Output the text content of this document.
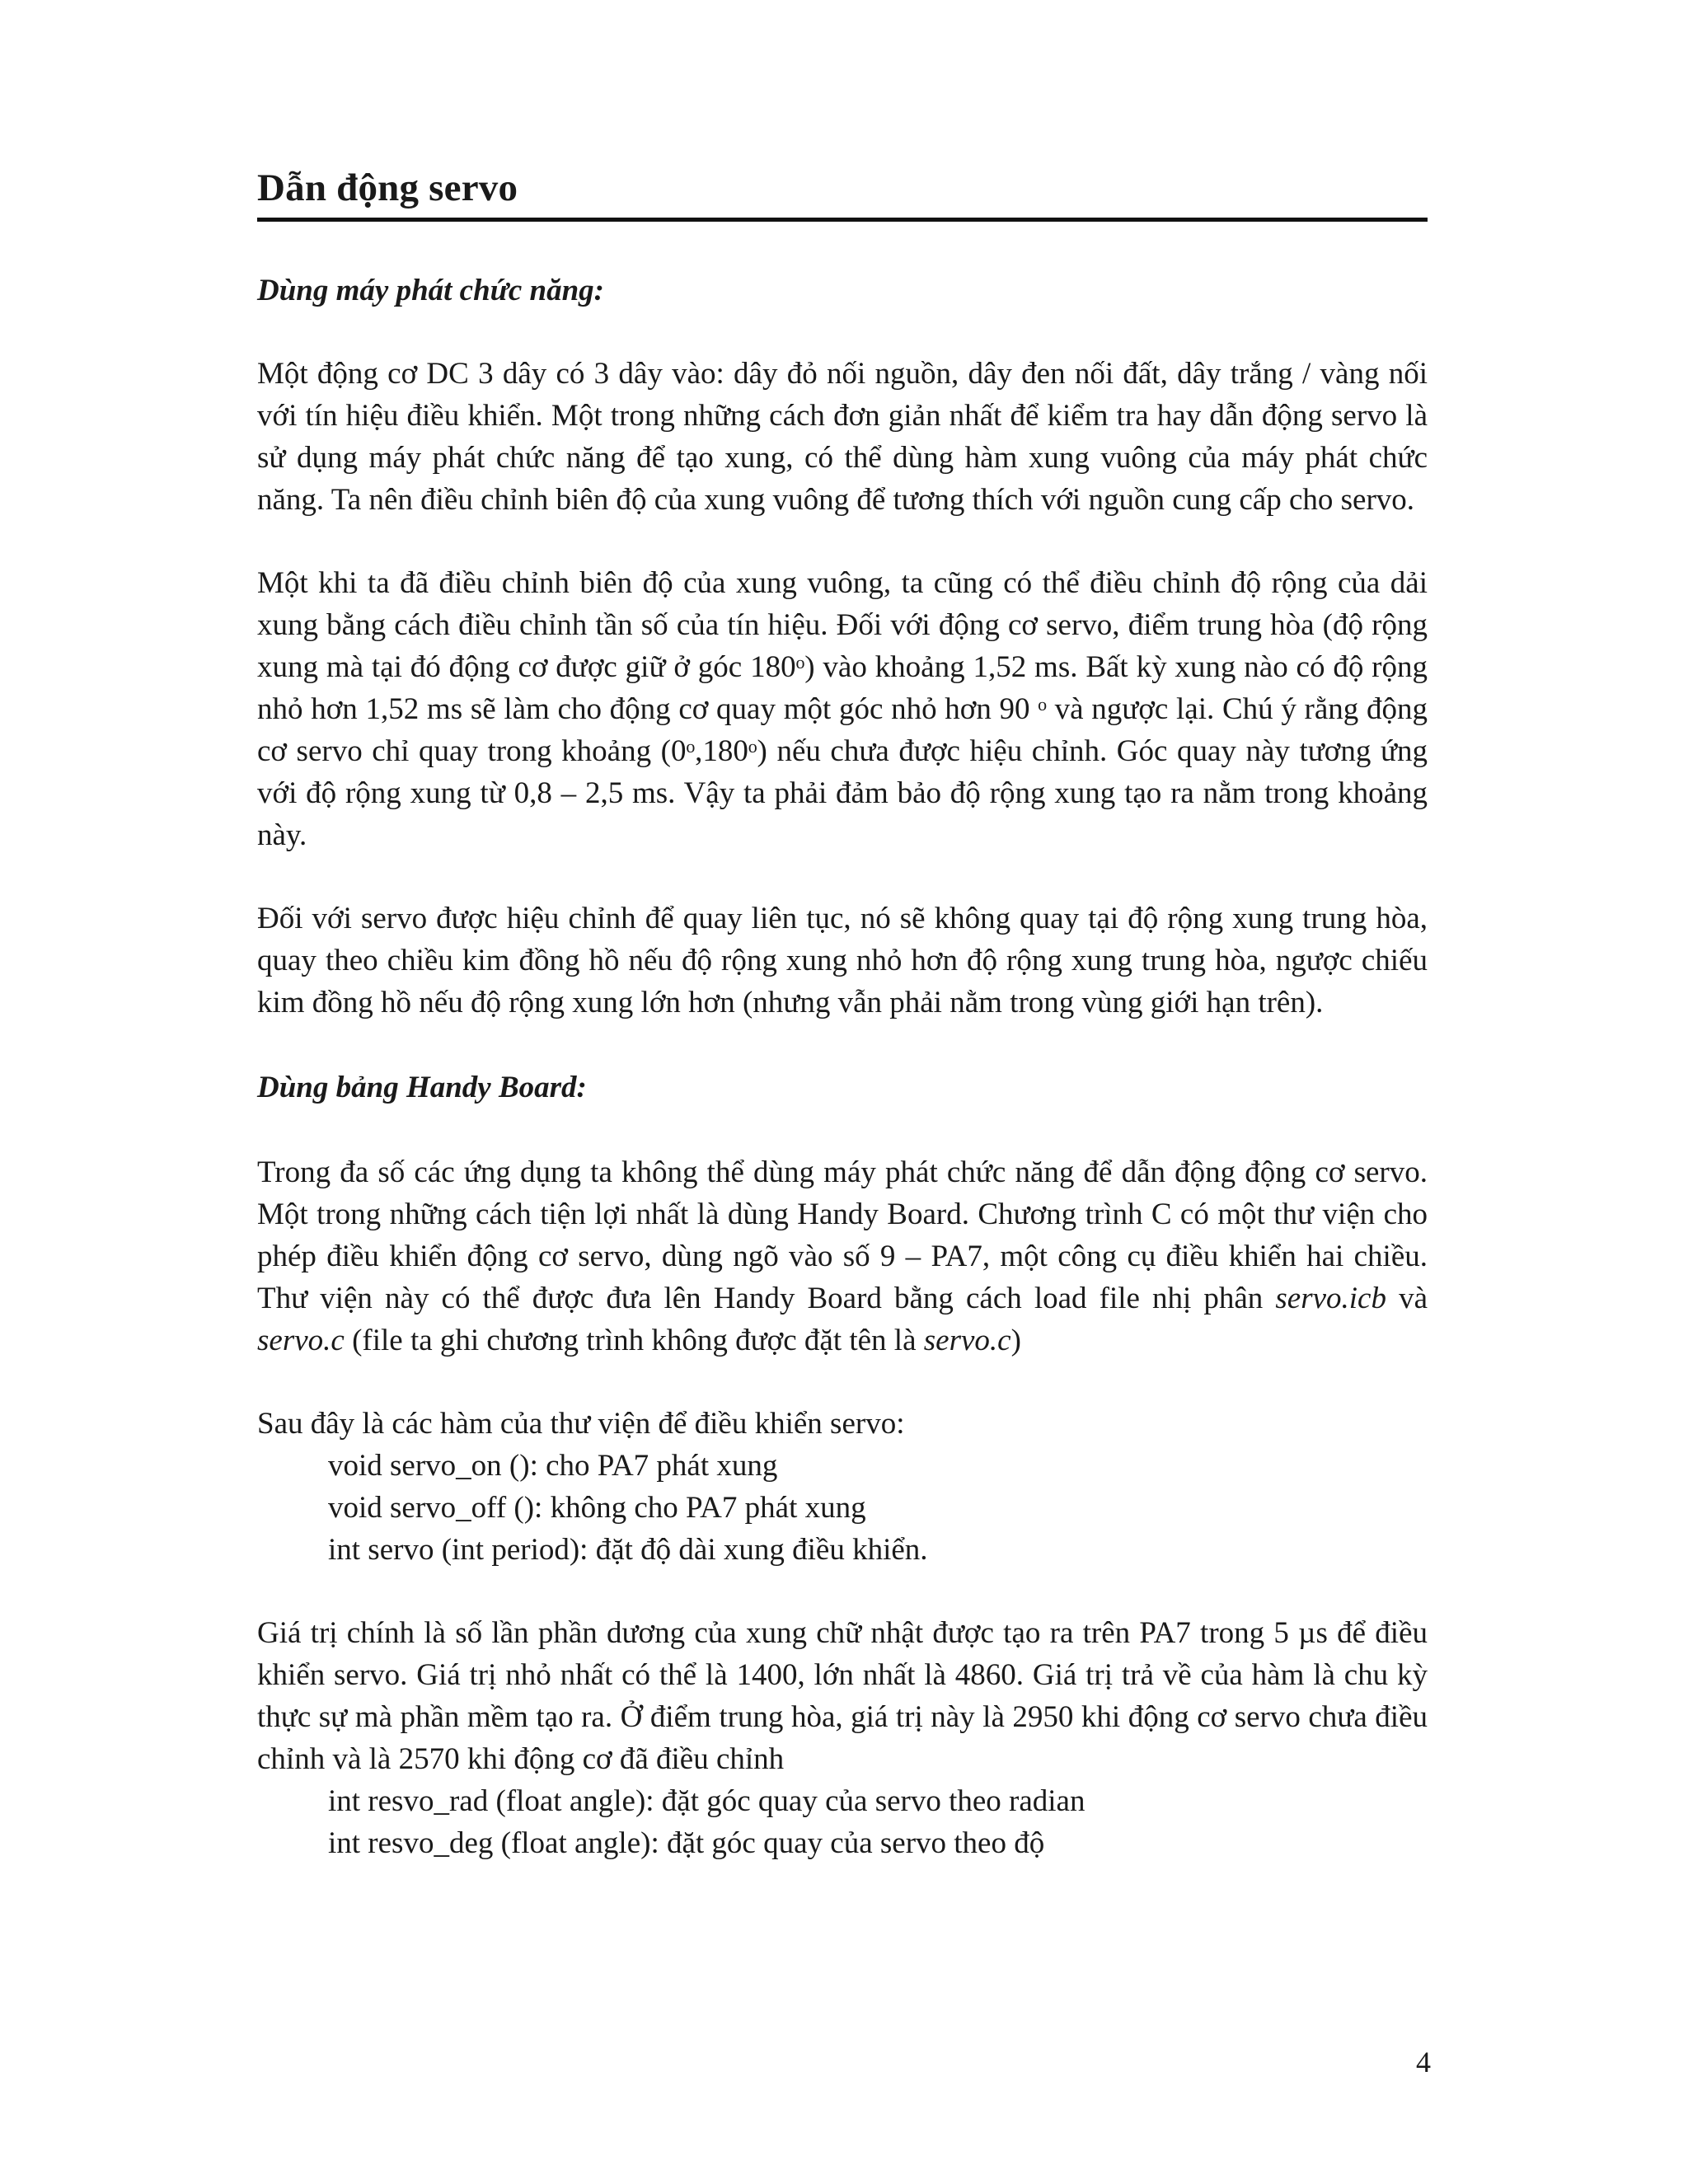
Dẫn động servo
Dùng máy phát chức năng:

Một động cơ DC 3 dây có 3 dây vào: dây đỏ nối nguồn, dây đen nối đất, dây trắng / vàng nối với tín hiệu điều khiển. Một trong những cách đơn giản nhất để kiểm tra hay dẫn động servo là sử dụng máy phát chức năng để tạo xung, có thể dùng hàm xung vuông của máy phát chức năng. Ta nên điều chỉnh biên độ của xung vuông để tương thích với nguồn cung cấp cho servo.

Một khi ta đã điều chỉnh biên độ của xung vuông, ta cũng có thể điều chỉnh độ rộng của dải xung bằng cách điều chỉnh tần số của tín hiệu. Đối với động cơ servo, điểm trung hòa (độ rộng xung mà tại đó động cơ được giữ ở góc 180ᵒ) vào khoảng 1,52 ms. Bất kỳ xung nào có độ rộng nhỏ hơn 1,52 ms sẽ làm cho động cơ quay một góc nhỏ hơn 90 ᵒ và ngược lại. Chú ý rằng động cơ servo chỉ quay trong khoảng (0ᵒ,180ᵒ) nếu chưa được hiệu chỉnh. Góc quay này tương ứng với độ rộng xung từ 0,8 – 2,5 ms. Vậy ta phải đảm bảo độ rộng xung tạo ra nằm trong khoảng này.

Đối với servo được hiệu chỉnh để quay liên tục, nó sẽ không quay tại độ rộng xung trung hòa, quay theo chiều kim đồng hồ nếu độ rộng xung nhỏ hơn độ rộng xung trung hòa, ngược chiếu kim đồng hồ nếu độ rộng xung lớn hơn (nhưng vẫn phải nằm trong vùng giới hạn trên).

Dùng bảng Handy Board:

Trong đa số các ứng dụng ta không thể dùng máy phát chức năng để dẫn động động cơ servo. Một trong những cách tiện lợi nhất là dùng Handy Board. Chương trình C có một thư viện cho phép điều khiển động cơ servo, dùng ngõ vào số 9 – PA7, một công cụ điều khiển hai chiều. Thư viện này có thể được đưa lên Handy Board bằng cách load file nhị phân servo.icb và servo.c (file ta ghi chương trình không được đặt tên là servo.c)

Sau đây là các hàm của thư viện để điều khiển servo:

void servo_on (): cho PA7 phát xung
void servo_off (): không cho PA7 phát xung
int servo (int period): đặt độ dài xung điều khiển.

Giá trị chính là số lần phần dương của xung chữ nhật được tạo ra trên PA7 trong 5 µs để điều khiển servo. Giá trị nhỏ nhất có thể là 1400, lớn nhất là 4860. Giá trị trả về của hàm là chu kỳ thực sự mà phần mềm tạo ra. Ở điểm trung hòa, giá trị này là 2950 khi động cơ servo chưa điều chỉnh và là 2570 khi động cơ đã điều chỉnh

int resvo_rad (float angle): đặt góc quay của servo theo radian
int resvo_deg (float angle): đặt góc quay của servo theo độ
4
